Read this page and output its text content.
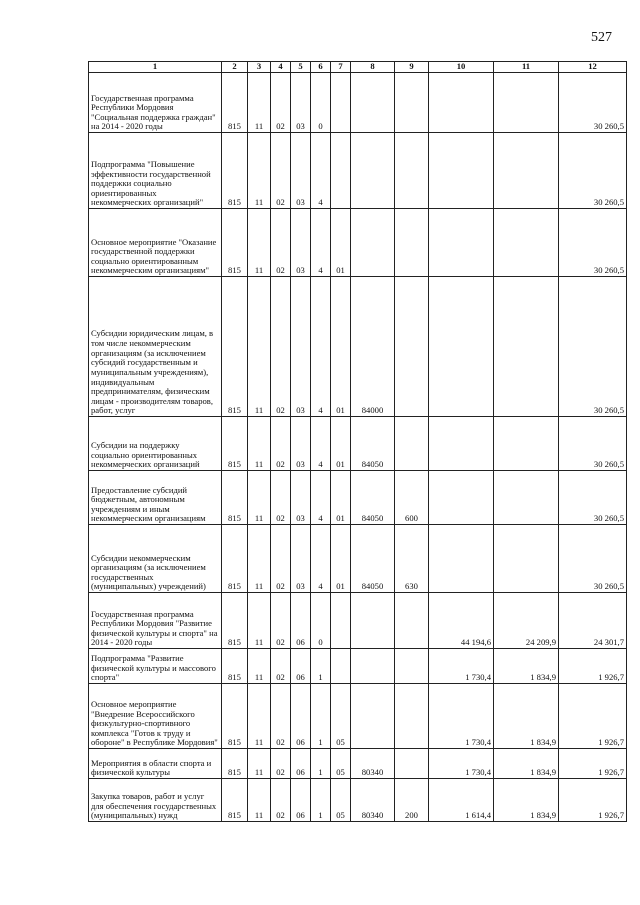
527
1	2	3	4	5	6	7	8	9	10	11	12
Государственная программа Республики Мордовия "Социальная поддержка граждан" на 2014 - 2020 годы	815	11	02	03	0						30 260,5
Подпрограмма "Повышение эффективности государственной поддержки социально ориентированных некоммерческих организаций"	815	11	02	03	4						30 260,5
Основное мероприятие "Оказание государственной поддержки социально ориентированным некоммерческим организациям"	815	11	02	03	4	01					30 260,5
Субсидии юридическим лицам, в том числе некоммерческим организациям (за исключением субсидий государственным и муниципальным учреждениям), индивидуальным предпринимателям, физическим лицам - производителям товаров, работ, услуг	815	11	02	03	4	01	84000				30 260,5
Субсидии на поддержку социально ориентированных некоммерческих организаций	815	11	02	03	4	01	84050				30 260,5
Предоставление субсидий бюджетным, автономным учреждениям и иным некоммерческим организациям	815	11	02	03	4	01	84050	600			30 260,5
Субсидии некоммерческим организациям (за исключением государственных (муниципальных) учреждений)	815	11	02	03	4	01	84050	630			30 260,5
Государственная программа Республики Мордовия "Развитие физической культуры и спорта" на 2014 - 2020 годы	815	11	02	06	0				44 194,6	24 209,9	24 301,7
Подпрограмма "Развитие физической культуры и массового спорта"	815	11	02	06	1				1 730,4	1 834,9	1 926,7
Основное мероприятие "Внедрение Всероссийского физкультурно-спортивного комплекса "Готов к труду и обороне" в Республике Мордовия"	815	11	02	06	1	05			1 730,4	1 834,9	1 926,7
Мероприятия в области спорта и физической культуры	815	11	02	06	1	05	80340		1 730,4	1 834,9	1 926,7
Закупка товаров, работ и услуг для обеспечения государственных (муниципальных) нужд	815	11	02	06	1	05	80340	200	1 614,4	1 834,9	1 926,7
